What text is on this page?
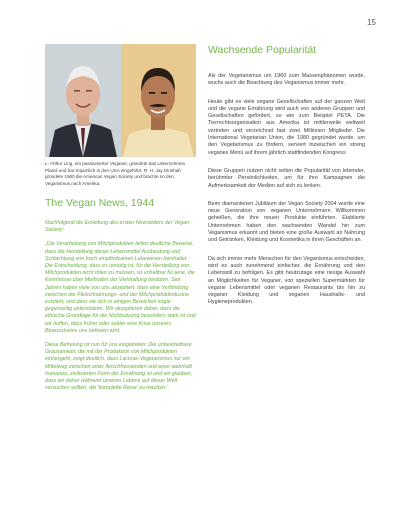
15

L: Arthur Ling, ein passionierter Veganer, gründete das Unternehmen Plamil und hat Sojamilch in den USA eingeführt. R: H. Jay Dinshah gründete 1960 die American Vegan Society und brachte so den Veganismus nach Amerika.

The Vegan News, 1944

Nachfolgend die Einleitung des ersten Newsletters der Vegan Society:

„Die Verarbeitung von Milchprodukten liefert deutliche Beweise, dass die Herstellung dieser Lebensmittel Ausbeutung und Schlachtung von hoch empfindsamen Lebewesen beinhaltet. Die Entscheidung, dass es unnötig ist, für die Herstellung von Milchprodukten nicht töten zu müssen, ist unhaltbar für jene, die Kenntnisse über Methoden der Viehhaltung besitzen. Seit Jahren haben viele von uns akzeptiert, dass eine Verbindung zwischen der Fleischnahrungs- und der Milchproduktindustrie existiert, und dass sie sich in einigen Bereichen sogar gegenseitig unterstützen. Wir akzeptieren daher, dass die ethische Grundlage für die Nichtnutzung besonders stark ist und wir hoffen, dass früher oder später eine Krise unseres Bewusstseins uns befreien wird.

Diese Befreiung ist nun für uns eingetreten: Die unbestreitbare Grausamkeit, die mit der Produktion von Milchprodukten einhergeht, zeigt deutlich, dass Lactose-Vegetarismus nur ein Mittelweg zwischen einer fleischfressenden und einer wahrhaft humanen, zivilisierten Form der Ernährung ist und wir glauben, dass wir daher während unseres Lebens auf dieser Welt versuchen sollten, die 'komplette Reise' zu machen.“

Wachsende Popularität

Als der Vegetarismus um 1960 zum Massenphänomen wurde, wuchs auch die Beachtung des Veganismus immer mehr.

Heute gibt es viele vegane Gesellschaften auf der ganzen Welt und die vegane Ernährung wird auch von anderen Gruppen und Gesellschaften gefördert, so wie zum Beispiel PETA. Die Tierrechtsorganisation aus Amerika ist mittlerweile weltweit vertreten und verzeichnet fast zwei Millionen Mitglieder. Die International Vegetarian Union, die 1980 gegründet wurde, um den Vegetarismus zu fördern, serviert inzwischen ein streng veganes Menü auf ihrem jährlich stattfindenden Kongress.

Diese Gruppen nutzen nicht selten die Popularität von lebender, berühmter Persönlichkeiten, um für ihre Kampagnen die Aufmerksamkeit der Medien auf sich zu lenken.

Beim diamantenen Jubiläum der Vegan Society 2004 wurde eine neue Generation von veganen Unternehmern Willkommen geheißen, die ihre neuen Produkte einführten. Etablierte Unternehmen haben den wachsenden Wandel hin zum Veganismus erkannt und bieten eine große Auswahl an Nahrung und Getränken, Kleidung und Kosmetika in ihren Geschäften an.

Da sich immer mehr Menschen für den Veganismus entscheiden, wird es auch zunehmend einfacher, die Ernährung und den Lebensstil zu befolgen. Es gibt heutzutage eine riesige Auswahl an Möglichkeiten für Veganer, von speziellen Supermärkten für vegane Lebensmittel oder veganen Restaurants bis hin zu veganer Kleidung und veganen Haushalts- und Hygieneprodukten.
